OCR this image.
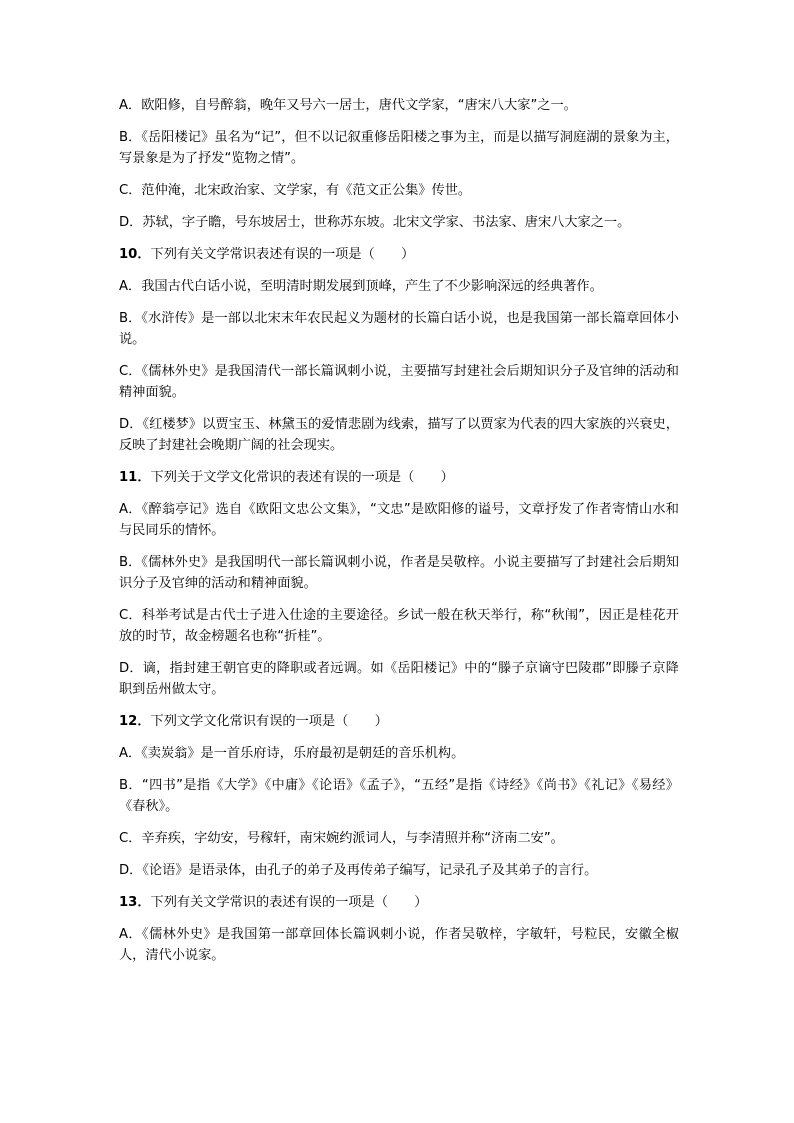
A．欧阳修，自号醉翁，晚年又号六一居士，唐代文学家，“唐宋八大家”之一。

B．《岳阳楼记》虽名为“记”，但不以记叙重修岳阳楼之事为主，而是以描写洞庭湖的景象为主，写景象是为了抒发“览物之情”。

C．范仲淹，北宋政治家、文学家，有《范文正公集》传世。

D．苏轼，字子瞻，号东坡居士，世称苏东坡。北宋文学家、书法家、唐宋八大家之一。

10．下列有关文学常识表述有误的一项是（　　）

A．我国古代白话小说，至明清时期发展到顶峰，产生了不少影响深远的经典著作。

B．《水浒传》是一部以北宋末年农民起义为题材的长篇白话小说，也是我国第一部长篇章回体小说。

C．《儒林外史》是我国清代一部长篇讽刺小说，主要描写封建社会后期知识分子及官绅的活动和精神面貌。

D．《红楼梦》以贾宝玉、林黛玉的爱情悲剧为线索，描写了以贾家为代表的四大家族的兴衰史，反映了封建社会晚期广阔的社会现实。

11．下列关于文学文化常识的表述有误的一项是（　　）

A．《醉翁亭记》选自《欧阳文忠公文集》，“文忠”是欧阳修的谥号，文章抒发了作者寄情山水和与民同乐的情怀。

B．《儒林外史》是我国明代一部长篇讽刺小说，作者是吴敬梓。小说主要描写了封建社会后期知识分子及官绅的活动和精神面貌。

C．科举考试是古代士子进入仕途的主要途径。乡试一般在秋天举行，称“秋闱”，因正是桂花开放的时节，故金榜题名也称“折桂”。

D．谪，指封建王朝官吏的降职或者远调。如《岳阳楼记》中的“滕子京谪守巴陵郡”即滕子京降职到岳州做太守。

12．下列文学文化常识有误的一项是（　　）

A．《卖炭翁》是一首乐府诗，乐府最初是朝廷的音乐机构。

B．“四书”是指《大学》《中庸》《论语》《孟子》，“五经”是指《诗经》《尚书》《礼记》《易经》《春秋》。

C．辛弃疾，字幼安，号稼轩，南宋婉约派词人，与李清照并称“济南二安”。

D．《论语》是语录体，由孔子的弟子及再传弟子编写，记录孔子及其弟子的言行。

13．下列有关文学常识的表述有误的一项是（　　）

A．《儒林外史》是我国第一部章回体长篇讽刺小说，作者吴敬梓，字敏轩，号粒民，安徽全椒人，清代小说家。
